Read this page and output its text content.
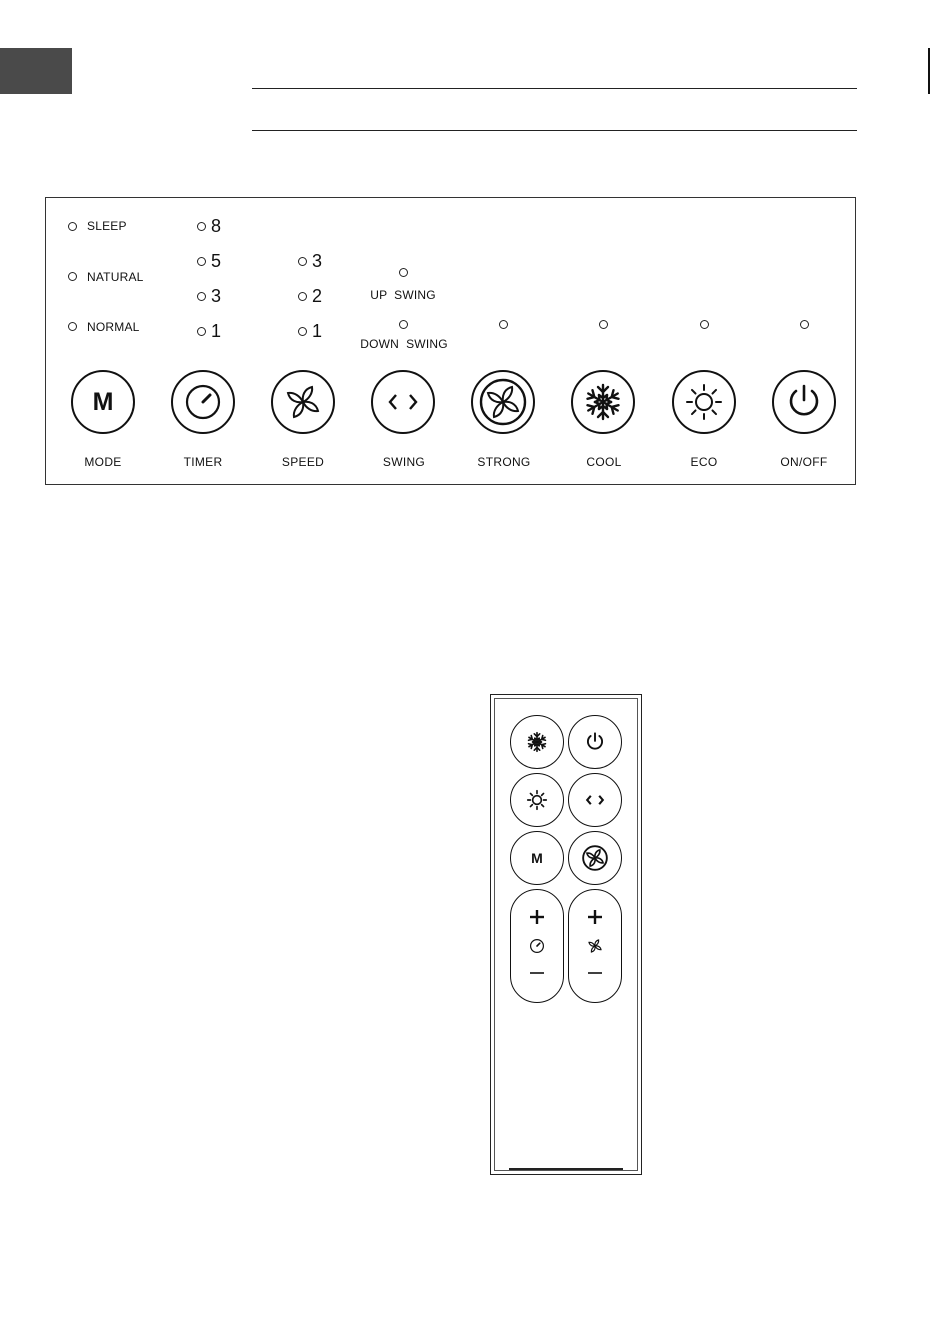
SLEEP
NATURAL
NORMAL
8
5
3
1
3
2
1
UP  SWING
DOWN  SWING
M
MODE	TIMER	SPEED	SWING	STRONG	COOL	ECO	ON/OFF
M
